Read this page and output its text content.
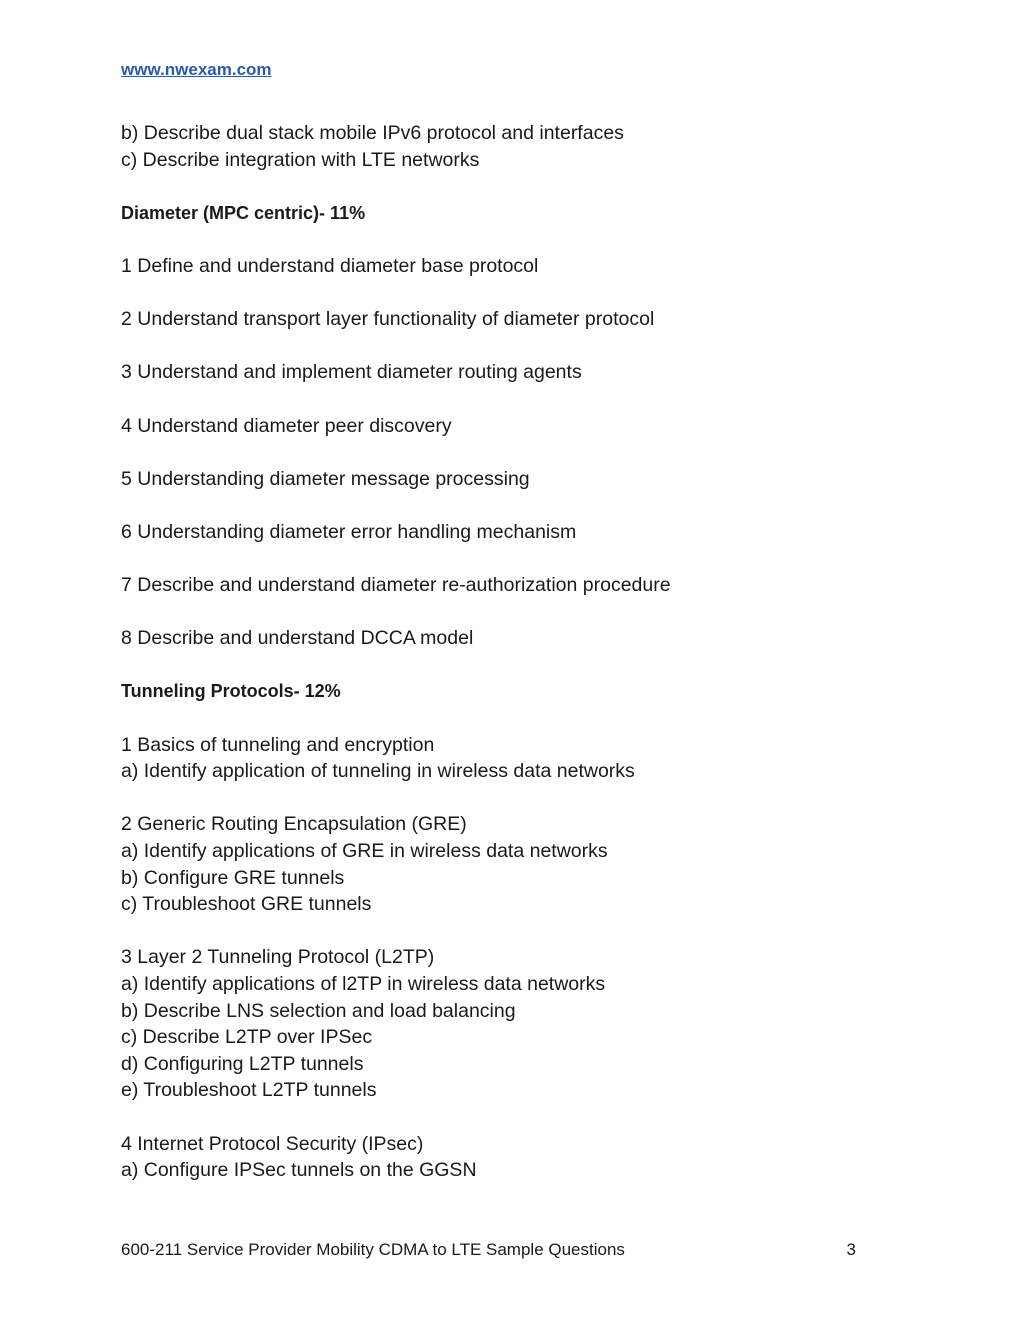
www.nwexam.com
b) Describe dual stack mobile IPv6 protocol and interfaces
c) Describe integration with LTE networks
Diameter (MPC centric)- 11%
1 Define and understand diameter base protocol
2 Understand transport layer functionality of diameter protocol
3 Understand and implement diameter routing agents
4 Understand diameter peer discovery
5 Understanding diameter message processing
6 Understanding diameter error handling mechanism
7 Describe and understand diameter re-authorization procedure
8 Describe and understand DCCA model
Tunneling Protocols- 12%
1 Basics of tunneling and encryption
a) Identify application of tunneling in wireless data networks
2 Generic Routing Encapsulation (GRE)
a) Identify applications of GRE in wireless data networks
b) Configure GRE tunnels
c) Troubleshoot GRE tunnels
3 Layer 2 Tunneling Protocol (L2TP)
a) Identify applications of l2TP in wireless data networks
b) Describe LNS selection and load balancing
c) Describe L2TP over IPSec
d) Configuring L2TP tunnels
e) Troubleshoot L2TP tunnels
4 Internet Protocol Security (IPsec)
a) Configure IPSec tunnels on the GGSN
600-211 Service Provider Mobility CDMA to LTE Sample Questions	3
